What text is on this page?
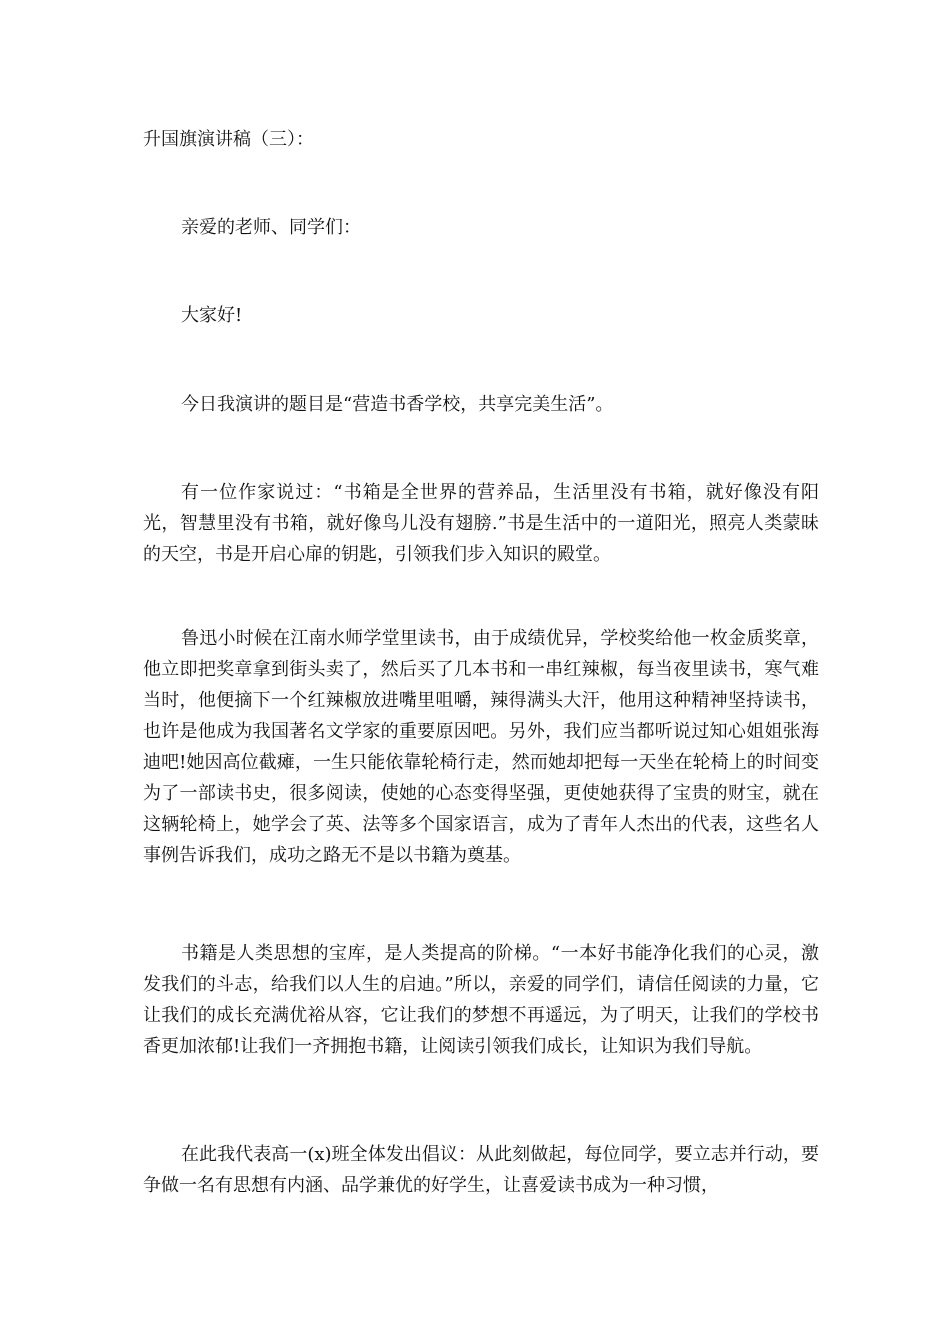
升国旗演讲稿（三）：

亲爱的老师、同学们：

大家好!

今日我演讲的题目是“营造书香学校，共享完美生活”。

有一位作家说过：“书箱是全世界的营养品，生活里没有书箱，就好像没有阳光，智慧里没有书箱，就好像鸟儿没有翅膀.”书是生活中的一道阳光，照亮人类蒙昧的天空，书是开启心扉的钥匙，引领我们步入知识的殿堂。

鲁迅小时候在江南水师学堂里读书，由于成绩优异，学校奖给他一枚金质奖章，他立即把奖章拿到街头卖了，然后买了几本书和一串红辣椒，每当夜里读书，寒气难当时，他便摘下一个红辣椒放进嘴里咀嚼，辣得满头大汗，他用这种精神坚持读书，也许是他成为我国著名文学家的重要原因吧。另外，我们应当都听说过知心姐姐张海迪吧!她因高位截瘫，一生只能依靠轮椅行走，然而她却把每一天坐在轮椅上的时间变为了一部读书史，很多阅读，使她的心态变得坚强，更使她获得了宝贵的财宝，就在这辆轮椅上，她学会了英、法等多个国家语言，成为了青年人杰出的代表，这些名人事例告诉我们，成功之路无不是以书籍为奠基。

书籍是人类思想的宝库，是人类提高的阶梯。“一本好书能净化我们的心灵，激发我们的斗志，给我们以人生的启迪。”所以，亲爱的同学们，请信任阅读的力量，它让我们的成长充满优裕从容，它让我们的梦想不再遥远，为了明天，让我们的学校书香更加浓郁!让我们一齐拥抱书籍，让阅读引领我们成长，让知识为我们导航。

在此我代表高一(x)班全体发出倡议：从此刻做起，每位同学，要立志并行动，要争做一名有思想有内涵、品学兼优的好学生，让喜爱读书成为一种习惯，
